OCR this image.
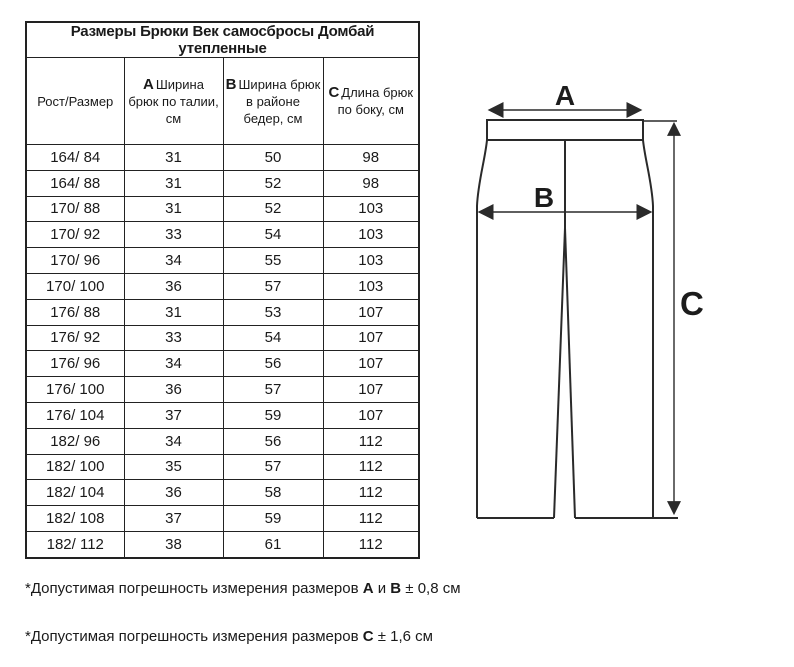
Размеры Брюки Век самосбросы Домбай утепленные			
Рост/Размер	A Ширина брюк по талии, см	B Ширина брюк в районе бедер, см	C Длина брюк по боку, см
164/ 84	31	50	98
164/ 88	31	52	98
170/ 88	31	52	103
170/ 92	33	54	103
170/ 96	34	55	103
170/ 100	36	57	103
176/ 88	31	53	107
176/ 92	33	54	107
176/ 96	34	56	107
176/ 100	36	57	107
176/ 104	37	59	107
182/ 96	34	56	112
182/ 100	35	57	112
182/ 104	36	58	112
182/ 108	37	59	112
182/ 112	38	61	112
A
B
C
*Допустимая погрешность измерения размеров A и B ± 0,8 см
*Допустимая погрешность измерения размеров C ± 1,6 см
